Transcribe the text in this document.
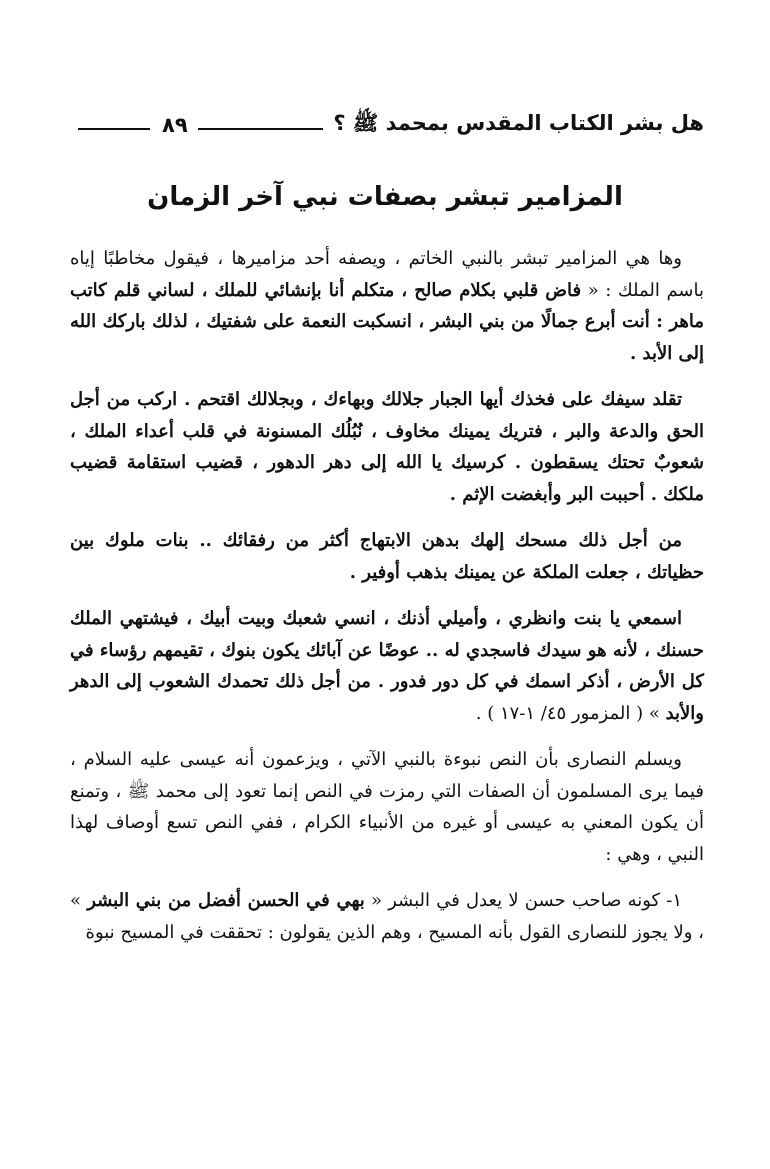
هل بشر الكتاب المقدس بمحمد ﷺ ؟
٨٩
المزامير تبشر بصفات نبي آخر الزمان

وها هي المزامير تبشر بالنبي الخاتم ، ويصفه أحد مزاميرها ، فيقول مخاطبًا إياه باسم الملك : « فاض قلبي بكلام صالح ، متكلم أنا بإنشائي للملك ، لساني قلم كاتب ماهر : أنت أبرع جمالًا من بني البشر ، انسكبت النعمة على شفتيك ، لذلك باركك الله إلى الأبد .

تقلد سيفك على فخذك أيها الجبار جلالك وبهاءك ، وبجلالك اقتحم . اركب من أجل الحق والدعة والبر ، فتريك يمينك مخاوف ، نُبُلُك المسنونة في قلب أعداء الملك ، شعوبٌ تحتك يسقطون . كرسيك يا الله إلى دهر الدهور ، قضيب استقامة قضيب ملكك . أحببت البر وأبغضت الإثم .

من أجل ذلك مسحك إلهك بدهن الابتهاج أكثر من رفقائك .. بنات ملوك بين حظياتك ، جعلت الملكة عن يمينك بذهب أوفير .

اسمعي يا بنت وانظري ، وأميلي أذنك ، انسي شعبك وبيت أبيك ، فيشتهي الملك حسنك ، لأنه هو سيدك فاسجدي له .. عوضًا عن آبائك يكون بنوك ، تقيمهم رؤساء في كل الأرض ، أذكر اسمك في كل دور فدور . من أجل ذلك تحمدك الشعوب إلى الدهر والأبد » ( المزمور ٤٥/ ١-١٧ ) .

ويسلم النصارى بأن النص نبوءة بالنبي الآتي ، ويزعمون أنه عيسى عليه السلام ، فيما يرى المسلمون أن الصفات التي رمزت في النص إنما تعود إلى محمد ﷺ ، وتمنع أن يكون المعني به عيسى أو غيره من الأنبياء الكرام ، ففي النص تسع أوصاف لهذا النبي ، وهي :

١- كونه صاحب حسن لا يعدل في البشر « بهي في الحسن أفضل من بني البشر » ، ولا يجوز للنصارى القول بأنه المسيح ، وهم الذين يقولون : تحققت في المسيح نبوة
